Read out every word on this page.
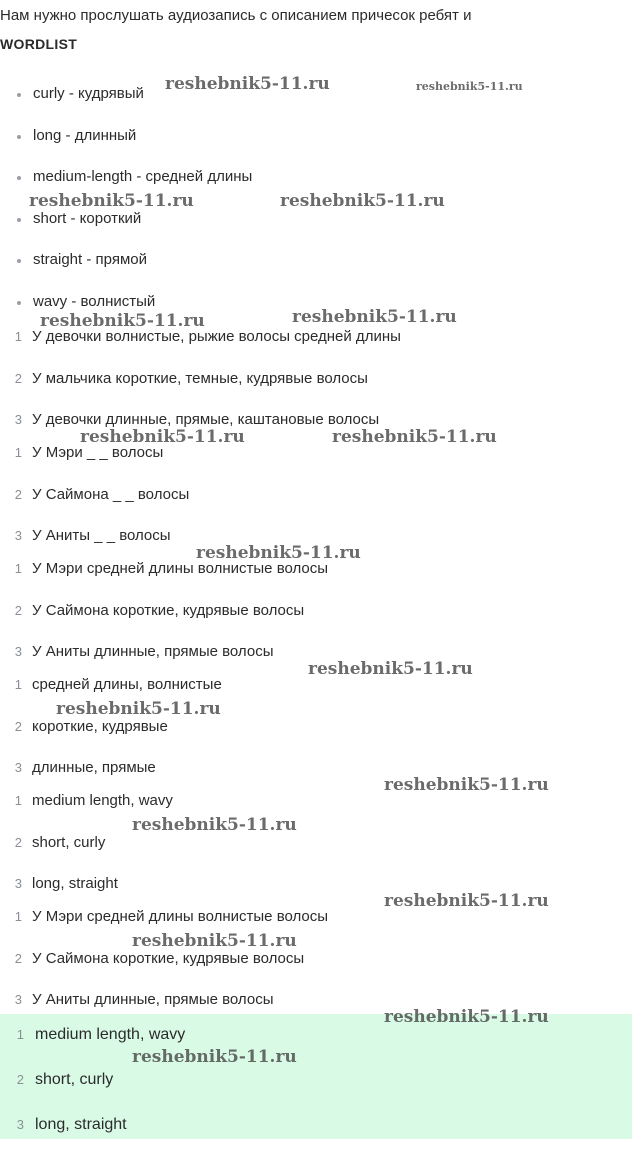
Нам нужно прослушать аудиозапись с описанием причесок ребят и
WORDLIST
curly - кудрявый
long - длинный
medium-length - средней длины
short - короткий
straight - прямой
wavy - волнистый
1 У девочки волнистые, рыжие волосы средней длины
2 У мальчика короткие, темные, кудрявые волосы
3 У девочки длинные, прямые, каштановые волосы
1 У Мэри _ _ волосы
2 У Саймона _ _ волосы
3 У Аниты _ _ волосы
1 У Мэри средней длины волнистые волосы
2 У Саймона короткие, кудрявые волосы
3 У Аниты длинные, прямые волосы
1 средней длины, волнистые
2 короткие, кудрявые
3 длинные, прямые
1 medium length, wavy
2 short, curly
3 long, straight
1 У Мэри средней длины волнистые волосы
2 У Саймона короткие, кудрявые волосы
3 У Аниты длинные, прямые волосы
1 medium length, wavy
2 short, curly
3 long, straight
reshebnik5-11.ru	reshebnik5-11.ru
reshebnik5-11.ru	reshebnik5-11.ru
reshebnik5-11.ru	reshebnik5-11.ru
reshebnik5-11.ru	reshebnik5-11.ru
reshebnik5-11.ru
reshebnik5-11.ru
reshebnik5-11.ru
reshebnik5-11.ru
reshebnik5-11.ru
reshebnik5-11.ru
reshebnik5-11.ru
reshebnik5-11.ru
reshebnik5-11.ru
